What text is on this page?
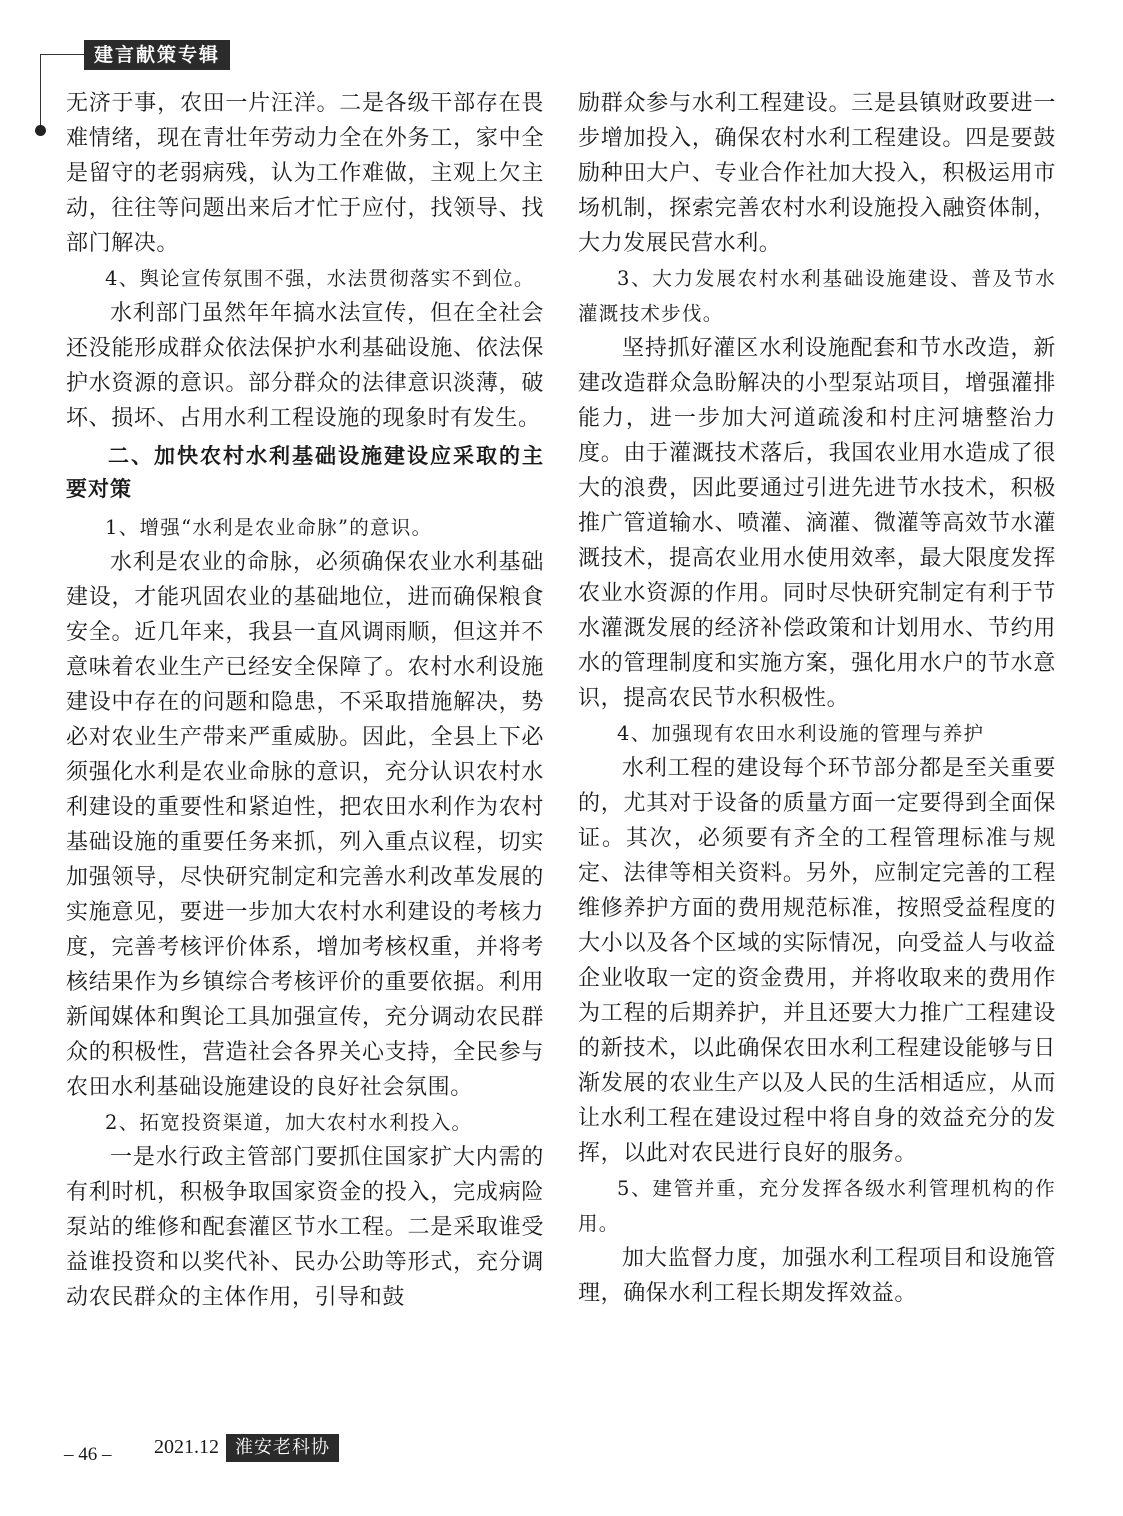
建言献策专辑

无济于事，农田一片汪洋。二是各级干部存在畏难情绪，现在青壮年劳动力全在外务工，家中全是留守的老弱病残，认为工作难做，主观上欠主动，往往等问题出来后才忙于应付，找领导、找部门解决。

4、舆论宣传氛围不强，水法贯彻落实不到位。

水利部门虽然年年搞水法宣传，但在全社会还没能形成群众依法保护水利基础设施、依法保护水资源的意识。部分群众的法律意识淡薄，破坏、损坏、占用水利工程设施的现象时有发生。

二、加快农村水利基础设施建设应采取的主要对策

1、增强“水利是农业命脉”的意识。

水利是农业的命脉，必须确保农业水利基础建设，才能巩固农业的基础地位，进而确保粮食安全。近几年来，我县一直风调雨顺，但这并不意味着农业生产已经安全保障了。农村水利设施建设中存在的问题和隐患，不采取措施解决，势必对农业生产带来严重威胁。因此，全县上下必须强化水利是农业命脉的意识，充分认识农村水利建设的重要性和紧迫性，把农田水利作为农村基础设施的重要任务来抓，列入重点议程，切实加强领导，尽快研究制定和完善水利改革发展的实施意见，要进一步加大农村水利建设的考核力度，完善考核评价体系，增加考核权重，并将考核结果作为乡镇综合考核评价的重要依据。利用新闻媒体和舆论工具加强宣传，充分调动农民群众的积极性，营造社会各界关心支持，全民参与农田水利基础设施建设的良好社会氛围。

2、拓宽投资渠道，加大农村水利投入。

一是水行政主管部门要抓住国家扩大内需的有利时机，积极争取国家资金的投入，完成病险泵站的维修和配套灌区节水工程。二是采取谁受益谁投资和以奖代补、民办公助等形式，充分调动农民群众的主体作用，引导和鼓

励群众参与水利工程建设。三是县镇财政要进一步增加投入，确保农村水利工程建设。四是要鼓励种田大户、专业合作社加大投入，积极运用市场机制，探索完善农村水利设施投入融资体制，大力发展民营水利。

3、大力发展农村水利基础设施建设、普及节水灌溉技术步伐。

坚持抓好灌区水利设施配套和节水改造，新建改造群众急盼解决的小型泵站项目，增强灌排能力，进一步加大河道疏浚和村庄河塘整治力度。由于灌溉技术落后，我国农业用水造成了很大的浪费，因此要通过引进先进节水技术，积极推广管道输水、喷灌、滴灌、微灌等高效节水灌溉技术，提高农业用水使用效率，最大限度发挥农业水资源的作用。同时尽快研究制定有利于节水灌溉发展的经济补偿政策和计划用水、节约用水的管理制度和实施方案，强化用水户的节水意识，提高农民节水积极性。

4、加强现有农田水利设施的管理与养护

水利工程的建设每个环节部分都是至关重要的，尤其对于设备的质量方面一定要得到全面保证。其次，必须要有齐全的工程管理标准与规定、法律等相关资料。另外，应制定完善的工程维修养护方面的费用规范标准，按照受益程度的大小以及各个区域的实际情况，向受益人与收益企业收取一定的资金费用，并将收取来的费用作为工程的后期养护，并且还要大力推广工程建设的新技术，以此确保农田水利工程建设能够与日渐发展的农业生产以及人民的生活相适应，从而让水利工程在建设过程中将自身的效益充分的发挥，以此对农民进行良好的服务。

5、建管并重，充分发挥各级水利管理机构的作用。

加大监督力度，加强水利工程项目和设施管理，确保水利工程长期发挥效益。

– 46 – 2021.12 淮安老科协
